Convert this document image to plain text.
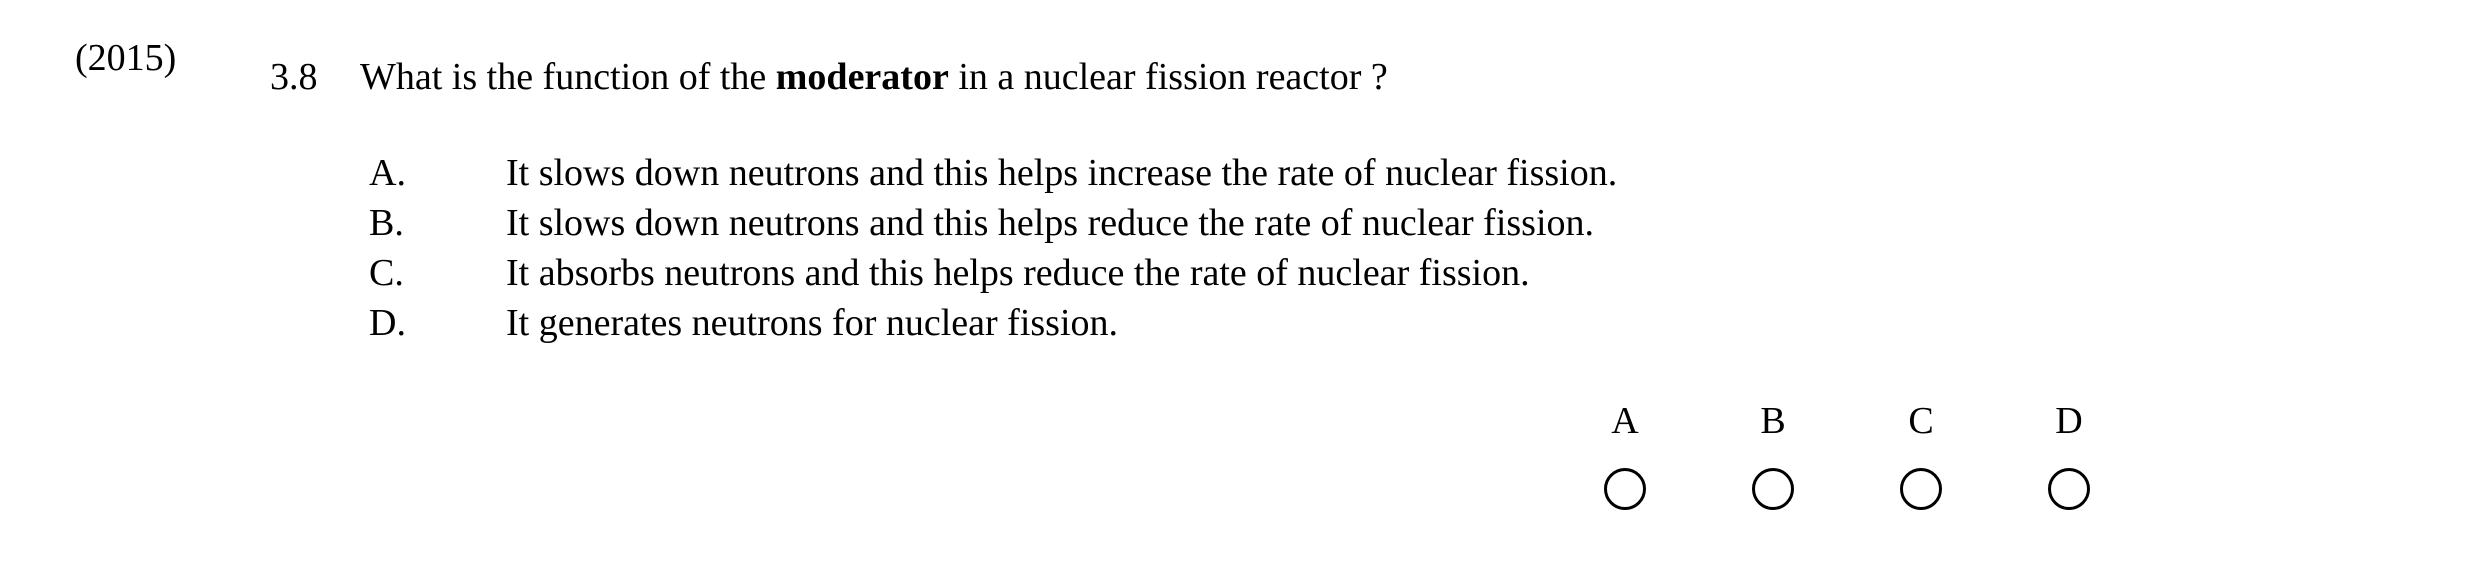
(2015) 3.8 What is the function of the moderator in a nuclear fission reactor ?
A.	It slows down neutrons and this helps increase the rate of nuclear fission.
B.	It slows down neutrons and this helps reduce the rate of nuclear fission.
C.	It absorbs neutrons and this helps reduce the rate of nuclear fission.
D.	It generates neutrons for nuclear fission.
A	B	C	D
